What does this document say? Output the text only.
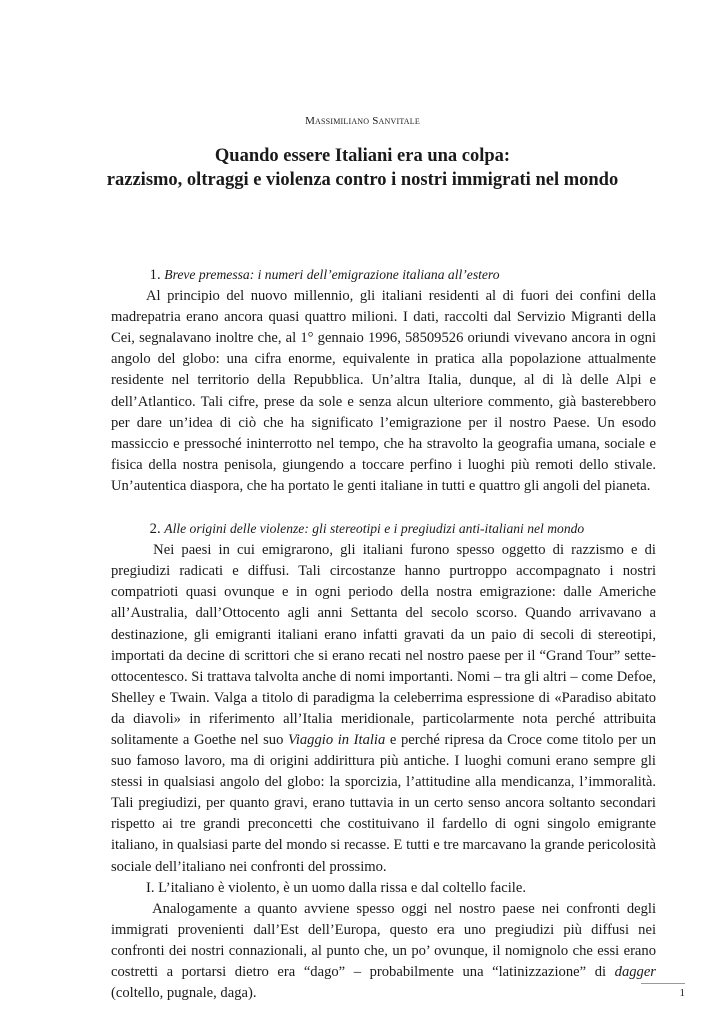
Massimiliano Sanvitale
Quando essere Italiani era una colpa:
razzismo, oltraggi e violenza contro i nostri immigrati nel mondo

1. Breve premessa: i numeri dell’emigrazione italiana all’estero

Al principio del nuovo millennio, gli italiani residenti al di fuori dei confini della madrepatria erano ancora quasi quattro milioni. I dati, raccolti dal Servizio Migranti della Cei, segnalavano inoltre che, al 1° gennaio 1996, 58509526 oriundi vivevano ancora in ogni angolo del globo: una cifra enorme, equivalente in pratica alla popolazione attualmente residente nel territorio della Repubblica. Un’altra Italia, dunque, al di là delle Alpi e dell’Atlantico. Tali cifre, prese da sole e senza alcun ulteriore commento, già basterebbero per dare un’idea di ciò che ha significato l’emigrazione per il nostro Paese. Un esodo massiccio e pressoché ininterrotto nel tempo, che ha stravolto la geografia umana, sociale e fisica della nostra penisola, giungendo a toccare perfino i luoghi più remoti dello stivale. Un’autentica diaspora, che ha portato le genti italiane in tutti e quattro gli angoli del pianeta.

2. Alle origini delle violenze: gli stereotipi e i pregiudizi anti-italiani nel mondo

Nei paesi in cui emigrarono, gli italiani furono spesso oggetto di razzismo e di pregiudizi radicati e diffusi. Tali circostanze hanno purtroppo accompagnato i nostri compatrioti quasi ovunque e in ogni periodo della nostra emigrazione: dalle Americhe all’Australia, dall’Ottocento agli anni Settanta del secolo scorso. Quando arrivavano a destinazione, gli emigranti italiani erano infatti gravati da un paio di secoli di stereotipi, importati da decine di scrittori che si erano recati nel nostro paese per il “Grand Tour” sette-ottocentesco. Si trattava talvolta anche di nomi importanti. Nomi – tra gli altri – come Defoe, Shelley e Twain. Valga a titolo di paradigma la celeberrima espressione di «Paradiso abitato da diavoli» in riferimento all’Italia meridionale, particolarmente nota perché attribuita solitamente a Goethe nel suo Viaggio in Italia e perché ripresa da Croce come titolo per un suo famoso lavoro, ma di origini addirittura più antiche. I luoghi comuni erano sempre gli stessi in qualsiasi angolo del globo: la sporcizia, l’attitudine alla mendicanza, l’immoralità. Tali pregiudizi, per quanto gravi, erano tuttavia in un certo senso ancora soltanto secondari rispetto ai tre grandi preconcetti che costituivano il fardello di ogni singolo emigrante italiano, in qualsiasi parte del mondo si recasse. E tutti e tre marcavano la grande pericolosità sociale dell’italiano nei confronti del prossimo.

I. L’italiano è violento, è un uomo dalla rissa e dal coltello facile.

Analogamente a quanto avviene spesso oggi nel nostro paese nei confronti degli immigrati provenienti dall’Est dell’Europa, questo era uno pregiudizi più diffusi nei confronti dei nostri connazionali, al punto che, un po’ ovunque, il nomignolo che essi erano costretti a portarsi dietro era “dago” – probabilmente una “latinizzazione” di dagger (coltello, pugnale, daga).	1
